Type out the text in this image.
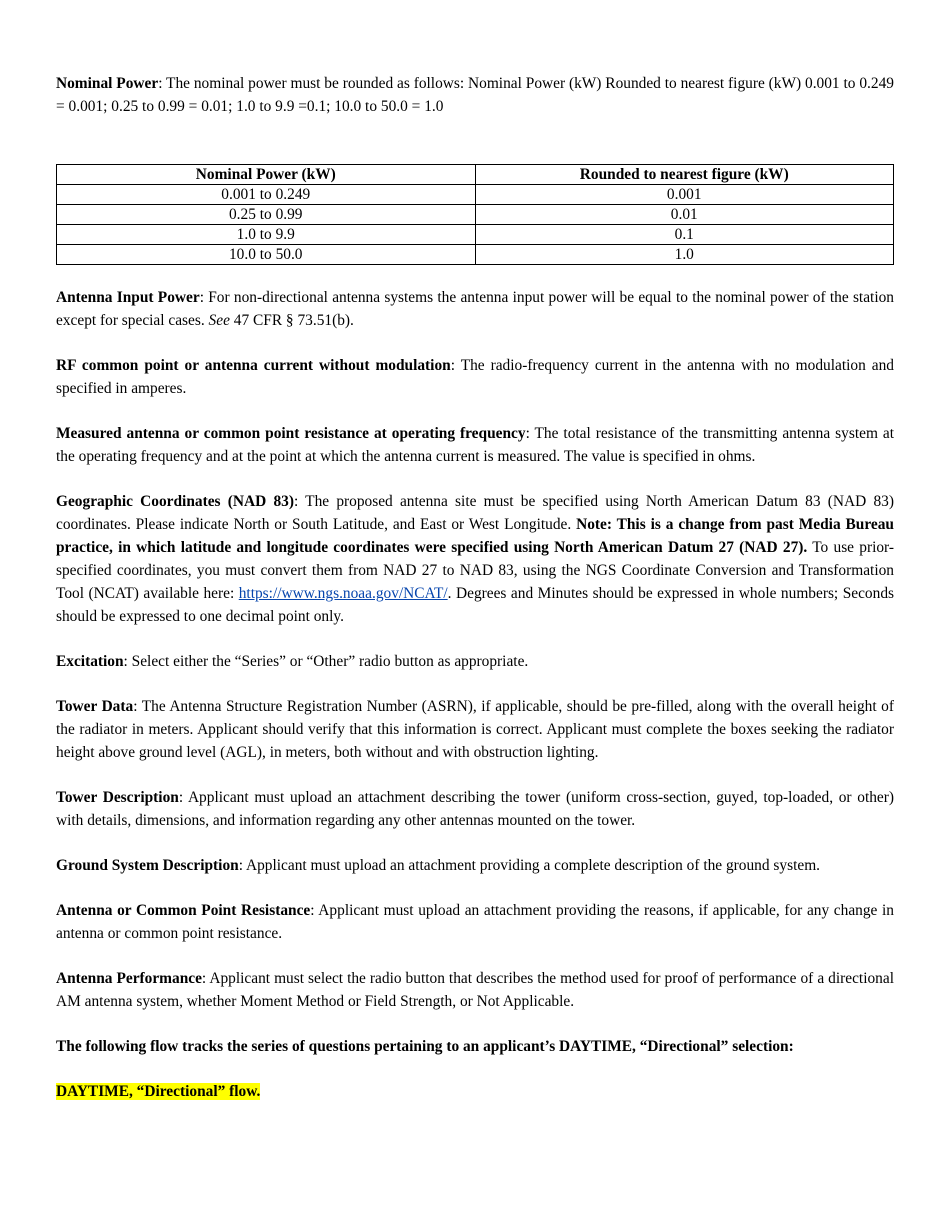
Nominal Power: The nominal power must be rounded as follows: Nominal Power (kW) Rounded to nearest figure (kW) 0.001 to 0.249 = 0.001; 0.25 to 0.99 = 0.01; 1.0 to 9.9 =0.1; 10.0 to 50.0 = 1.0

Nominal Power (kW)	Rounded to nearest figure (kW)
0.001 to 0.249	0.001
0.25 to 0.99	0.01
1.0 to 9.9	0.1
10.0 to 50.0	1.0

Antenna Input Power: For non-directional antenna systems the antenna input power will be equal to the nominal power of the station except for special cases. See 47 CFR § 73.51(b).

RF common point or antenna current without modulation: The radio-frequency current in the antenna with no modulation and specified in amperes.

Measured antenna or common point resistance at operating frequency: The total resistance of the transmitting antenna system at the operating frequency and at the point at which the antenna current is measured. The value is specified in ohms.

Geographic Coordinates (NAD 83): The proposed antenna site must be specified using North American Datum 83 (NAD 83) coordinates. Please indicate North or South Latitude, and East or West Longitude. Note: This is a change from past Media Bureau practice, in which latitude and longitude coordinates were specified using North American Datum 27 (NAD 27). To use prior-specified coordinates, you must convert them from NAD 27 to NAD 83, using the NGS Coordinate Conversion and Transformation Tool (NCAT) available here: https://www.ngs.noaa.gov/NCAT/. Degrees and Minutes should be expressed in whole numbers; Seconds should be expressed to one decimal point only.

Excitation: Select either the “Series” or “Other” radio button as appropriate.

Tower Data: The Antenna Structure Registration Number (ASRN), if applicable, should be pre-filled, along with the overall height of the radiator in meters. Applicant should verify that this information is correct. Applicant must complete the boxes seeking the radiator height above ground level (AGL), in meters, both without and with obstruction lighting.

Tower Description: Applicant must upload an attachment describing the tower (uniform cross-section, guyed, top-loaded, or other) with details, dimensions, and information regarding any other antennas mounted on the tower.

Ground System Description: Applicant must upload an attachment providing a complete description of the ground system.

Antenna or Common Point Resistance: Applicant must upload an attachment providing the reasons, if applicable, for any change in antenna or common point resistance.

Antenna Performance: Applicant must select the radio button that describes the method used for proof of performance of a directional AM antenna system, whether Moment Method or Field Strength, or Not Applicable.

The following flow tracks the series of questions pertaining to an applicant’s DAYTIME, “Directional” selection:

DAYTIME, “Directional” flow.
